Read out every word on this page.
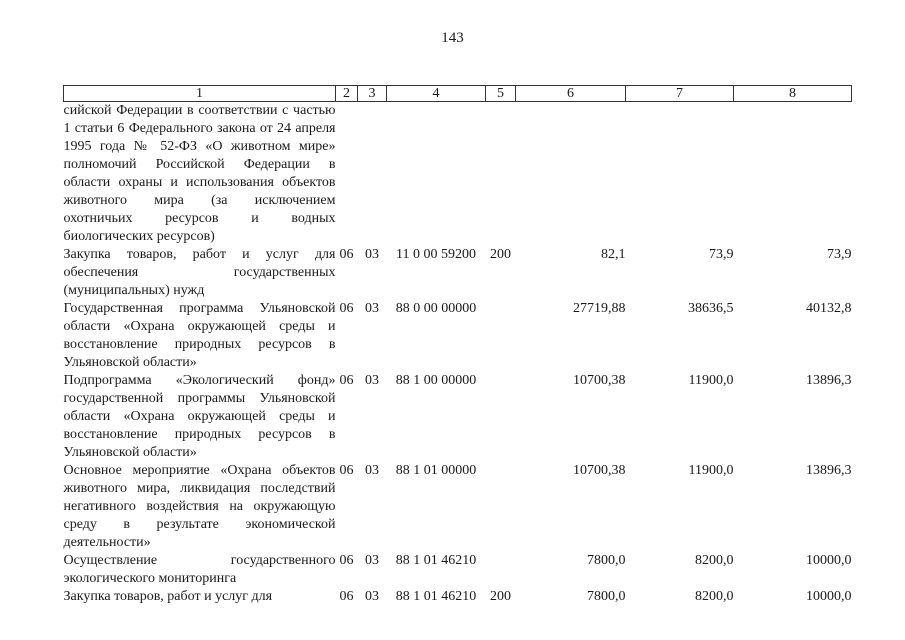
143
1	2	3	4	5	6	7	8
сийской Федерации в соответствии с частью 1 статьи 6 Федерального закона от 24 апреля 1995 года № 52-ФЗ «О животном мире» полномочий Российской Федерации в области охраны и использования объектов животного мира (за исключением охотничьих ресурсов и водных биологических ресурсов)							
Закупка товаров, работ и услуг для обеспечения государственных (муниципальных) нужд	06	03	11 0 00 59200	200	82,1	73,9	73,9
Государственная программа Ульяновской области «Охрана окружающей среды и восстановление природных ресурсов в Ульяновской области»	06	03	88 0 00 00000		27719,88	38636,5	40132,8
Подпрограмма «Экологический фонд» государственной программы Ульяновской области «Охрана окружающей среды и восстановление природных ресурсов в Ульяновской области»	06	03	88 1 00 00000		10700,38	11900,0	13896,3
Основное мероприятие «Охрана объектов животного мира, ликвидация последствий негативного воздействия на окружающую среду в результате экономической деятельности»	06	03	88 1 01 00000		10700,38	11900,0	13896,3
Осуществление государственного экологического мониторинга	06	03	88 1 01 46210		7800,0	8200,0	10000,0
Закупка товаров, работ и услуг для	06	03	88 1 01 46210	200	7800,0	8200,0	10000,0
